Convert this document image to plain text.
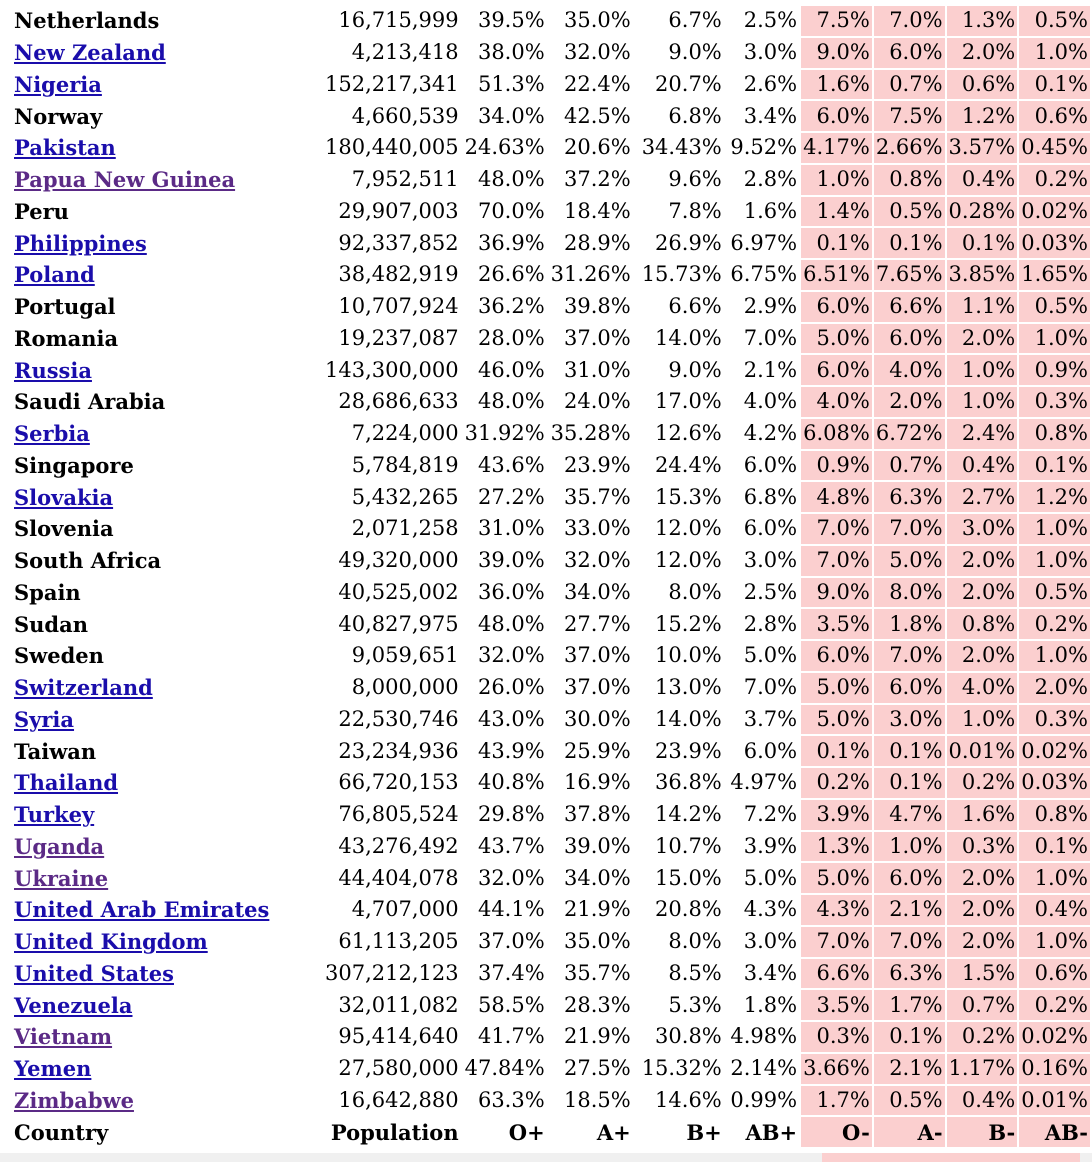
Netherlands	16,715,999	39.5%	35.0%	6.7%	2.5%	7.5%	7.0%	1.3%	0.5%
New Zealand	4,213,418	38.0%	32.0%	9.0%	3.0%	9.0%	6.0%	2.0%	1.0%
Nigeria	152,217,341	51.3%	22.4%	20.7%	2.6%	1.6%	0.7%	0.6%	0.1%
Norway	4,660,539	34.0%	42.5%	6.8%	3.4%	6.0%	7.5%	1.2%	0.6%
Pakistan	180,440,005	24.63%	20.6%	34.43%	9.52%	4.17%	2.66%	3.57%	0.45%
Papua New Guinea	7,952,511	48.0%	37.2%	9.6%	2.8%	1.0%	0.8%	0.4%	0.2%
Peru	29,907,003	70.0%	18.4%	7.8%	1.6%	1.4%	0.5%	0.28%	0.02%
Philippines	92,337,852	36.9%	28.9%	26.9%	6.97%	0.1%	0.1%	0.1%	0.03%
Poland	38,482,919	26.6%	31.26%	15.73%	6.75%	6.51%	7.65%	3.85%	1.65%
Portugal	10,707,924	36.2%	39.8%	6.6%	2.9%	6.0%	6.6%	1.1%	0.5%
Romania	19,237,087	28.0%	37.0%	14.0%	7.0%	5.0%	6.0%	2.0%	1.0%
Russia	143,300,000	46.0%	31.0%	9.0%	2.1%	6.0%	4.0%	1.0%	0.9%
Saudi Arabia	28,686,633	48.0%	24.0%	17.0%	4.0%	4.0%	2.0%	1.0%	0.3%
Serbia	7,224,000	31.92%	35.28%	12.6%	4.2%	6.08%	6.72%	2.4%	0.8%
Singapore	5,784,819	43.6%	23.9%	24.4%	6.0%	0.9%	0.7%	0.4%	0.1%
Slovakia	5,432,265	27.2%	35.7%	15.3%	6.8%	4.8%	6.3%	2.7%	1.2%
Slovenia	2,071,258	31.0%	33.0%	12.0%	6.0%	7.0%	7.0%	3.0%	1.0%
South Africa	49,320,000	39.0%	32.0%	12.0%	3.0%	7.0%	5.0%	2.0%	1.0%
Spain	40,525,002	36.0%	34.0%	8.0%	2.5%	9.0%	8.0%	2.0%	0.5%
Sudan	40,827,975	48.0%	27.7%	15.2%	2.8%	3.5%	1.8%	0.8%	0.2%
Sweden	9,059,651	32.0%	37.0%	10.0%	5.0%	6.0%	7.0%	2.0%	1.0%
Switzerland	8,000,000	26.0%	37.0%	13.0%	7.0%	5.0%	6.0%	4.0%	2.0%
Syria	22,530,746	43.0%	30.0%	14.0%	3.7%	5.0%	3.0%	1.0%	0.3%
Taiwan	23,234,936	43.9%	25.9%	23.9%	6.0%	0.1%	0.1%	0.01%	0.02%
Thailand	66,720,153	40.8%	16.9%	36.8%	4.97%	0.2%	0.1%	0.2%	0.03%
Turkey	76,805,524	29.8%	37.8%	14.2%	7.2%	3.9%	4.7%	1.6%	0.8%
Uganda	43,276,492	43.7%	39.0%	10.7%	3.9%	1.3%	1.0%	0.3%	0.1%
Ukraine	44,404,078	32.0%	34.0%	15.0%	5.0%	5.0%	6.0%	2.0%	1.0%
United Arab Emirates	4,707,000	44.1%	21.9%	20.8%	4.3%	4.3%	2.1%	2.0%	0.4%
United Kingdom	61,113,205	37.0%	35.0%	8.0%	3.0%	7.0%	7.0%	2.0%	1.0%
United States	307,212,123	37.4%	35.7%	8.5%	3.4%	6.6%	6.3%	1.5%	0.6%
Venezuela	32,011,082	58.5%	28.3%	5.3%	1.8%	3.5%	1.7%	0.7%	0.2%
Vietnam	95,414,640	41.7%	21.9%	30.8%	4.98%	0.3%	0.1%	0.2%	0.02%
Yemen	27,580,000	47.84%	27.5%	15.32%	2.14%	3.66%	2.1%	1.17%	0.16%
Zimbabwe	16,642,880	63.3%	18.5%	14.6%	0.99%	1.7%	0.5%	0.4%	0.01%
Country	Population	O+	A+	B+	AB+	O-	A-	B-	AB-
